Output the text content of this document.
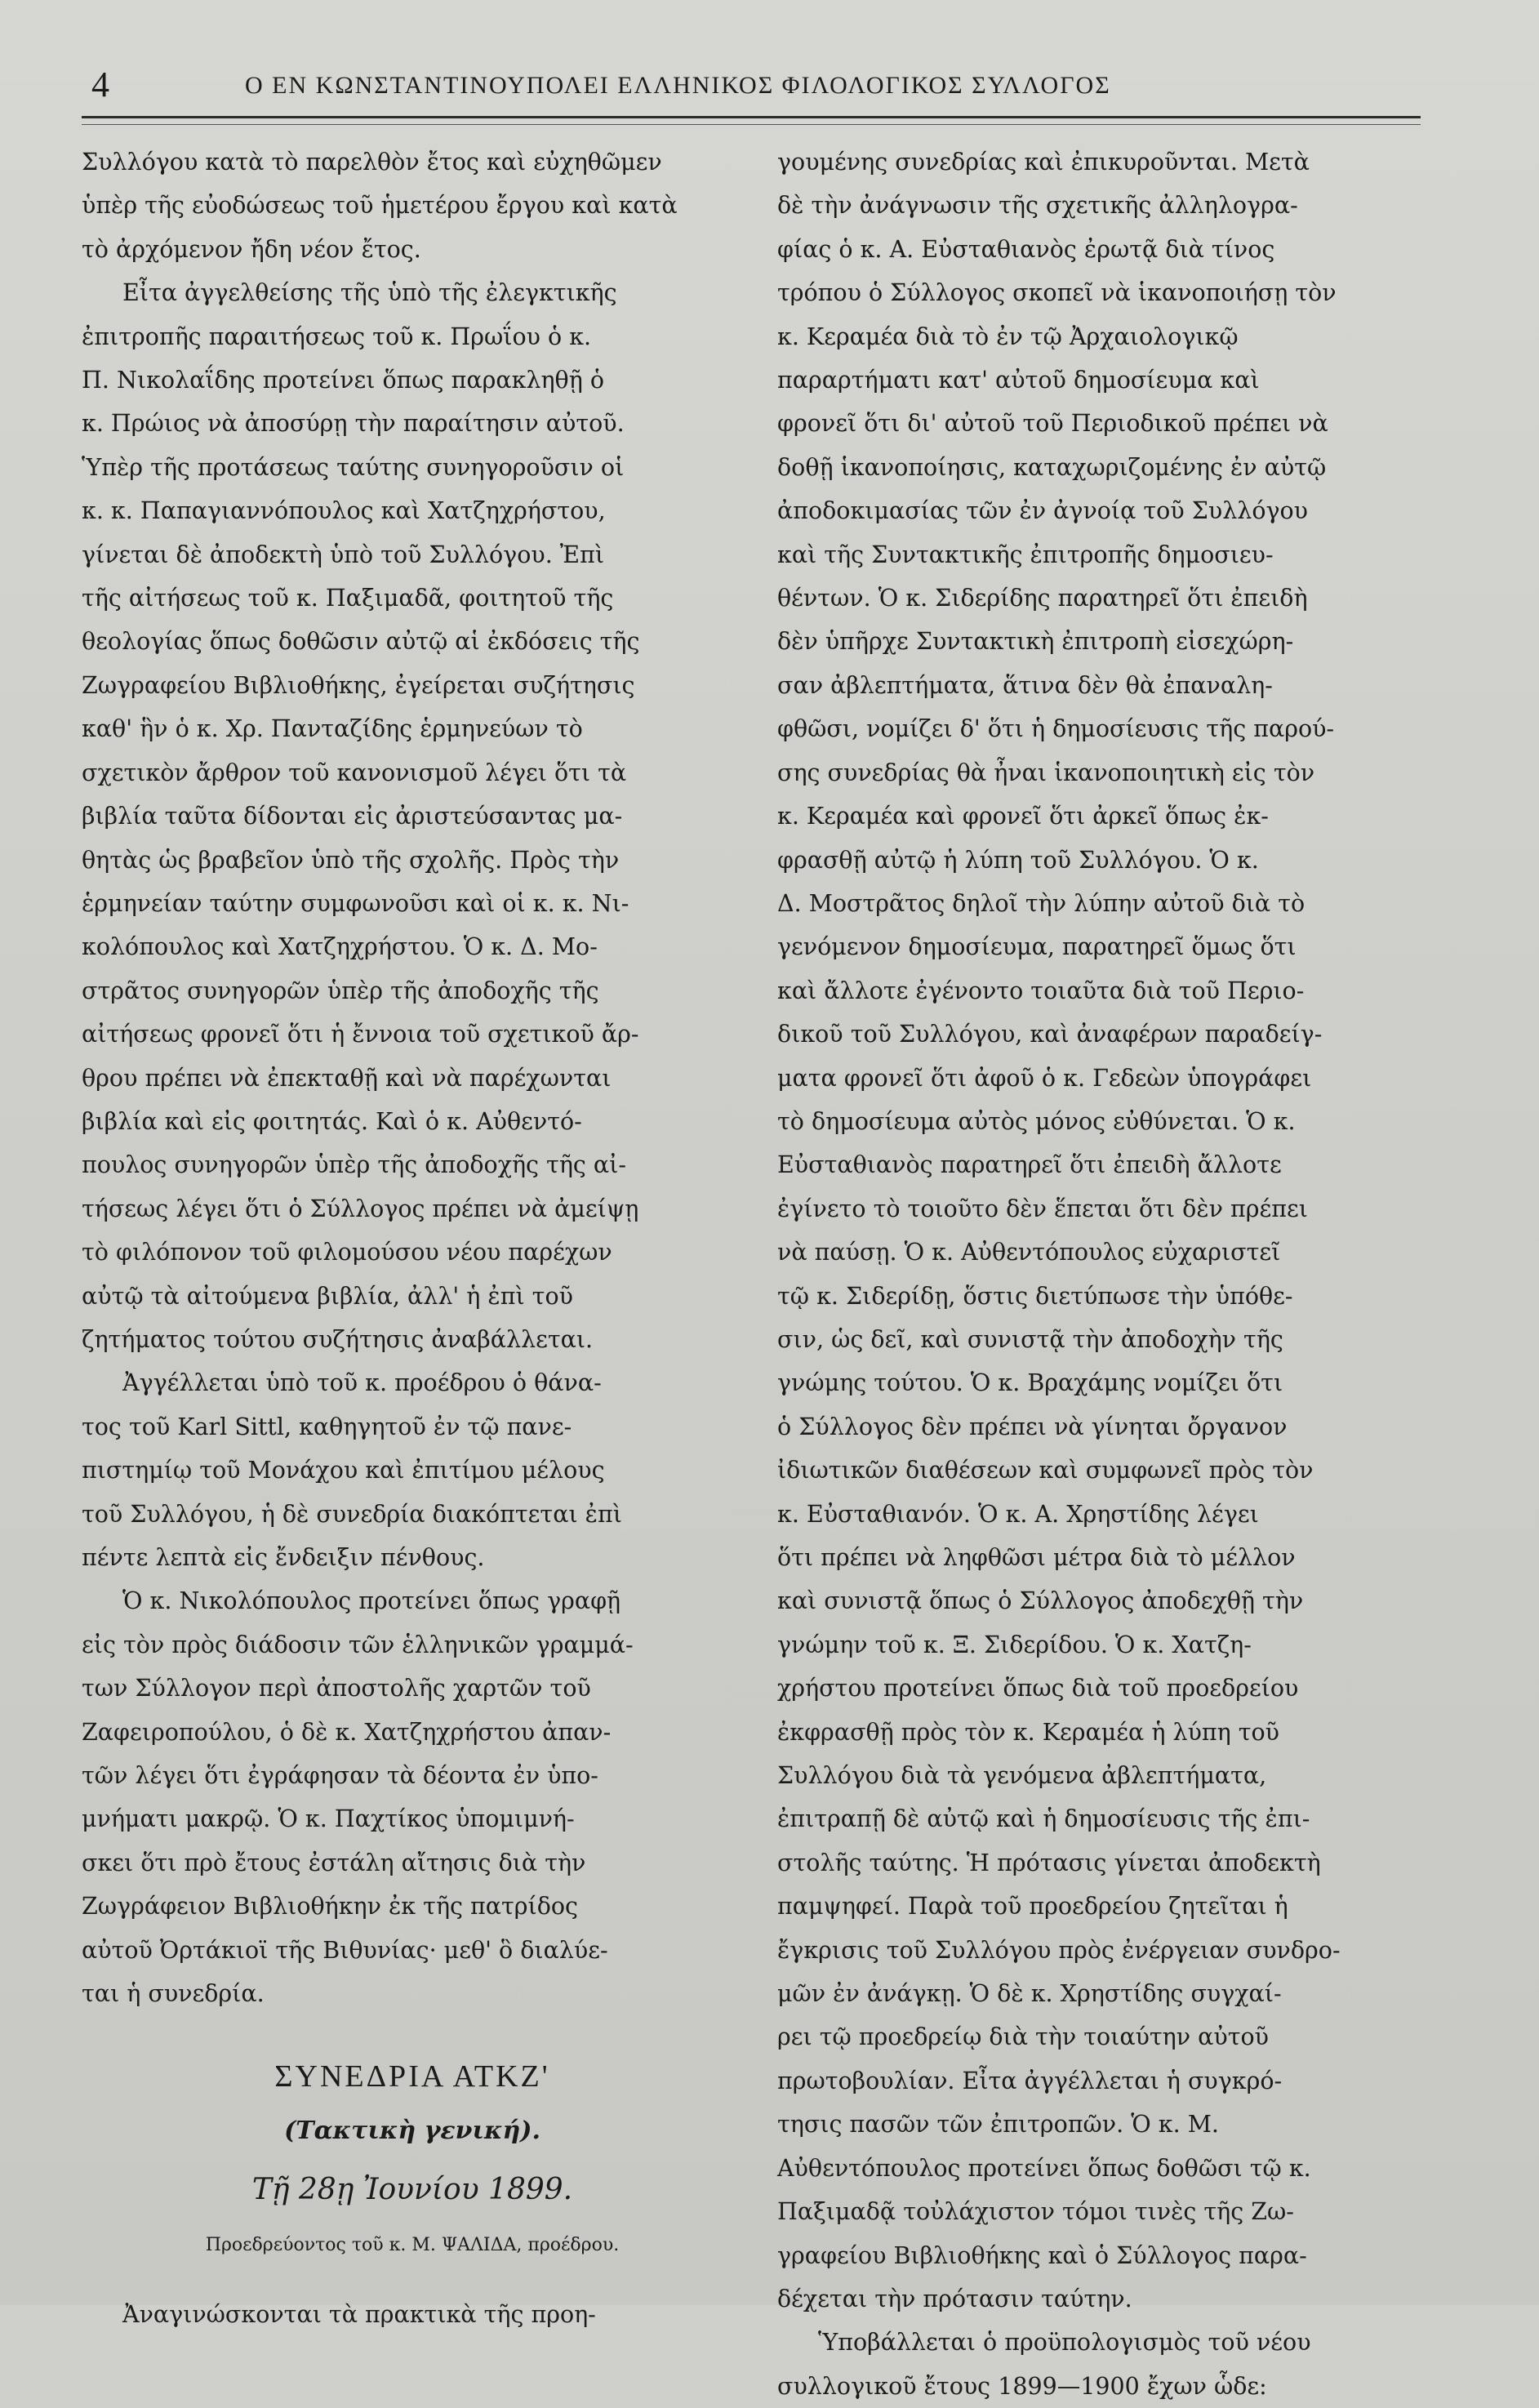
4	Ο ΕΝ ΚΩΝΣΤΑΝΤΙΝΟΥΠΟΛΕΙ ΕΛΛΗΝΙΚΟΣ ΦΙΛΟΛΟΓΙΚΟΣ ΣΥΛΛΟΓΟΣ

Συλλόγου κατὰ τὸ παρελθὸν ἔτος καὶ εὐχηθῶμεν
ὑπὲρ τῆς εὐοδώσεως τοῦ ἡμετέρου ἔργου καὶ κατὰ
τὸ ἀρχόμενον ἤδη νέον ἔτος.

Εἶτα ἀγγελθείσης τῆς ὑπὸ τῆς ἐλεγκτικῆς

ἐπιτροπῆς παραιτήσεως τοῦ κ. Πρωΐου ὁ κ.
Π. Νικολαΐδης προτείνει ὅπως παρακληθῇ ὁ
κ. Πρώιος νὰ ἀποσύρῃ τὴν παραίτησιν αὐτοῦ.
Ὑπὲρ τῆς προτάσεως ταύτης συνηγοροῦσιν οἱ
κ. κ. Παπαγιαννόπουλος καὶ Χατζηχρήστου,
γίνεται δὲ ἀποδεκτὴ ὑπὸ τοῦ Συλλόγου. Ἐπὶ
τῆς αἰτήσεως τοῦ κ. Παξιμαδᾶ, φοιτητοῦ τῆς
θεολογίας ὅπως δοθῶσιν αὐτῷ αἱ ἐκδόσεις τῆς
Ζωγραφείου Βιβλιοθήκης, ἐγείρεται συζήτησις
καθ' ἣν ὁ κ. Χρ. Πανταζίδης ἑρμηνεύων τὸ
σχετικὸν ἄρθρον τοῦ κανονισμοῦ λέγει ὅτι τὰ
βιβλία ταῦτα δίδονται εἰς ἀριστεύσαντας μα-
θητὰς ὡς βραβεῖον ὑπὸ τῆς σχολῆς. Πρὸς τὴν
ἑρμηνείαν ταύτην συμφωνοῦσι καὶ οἱ κ. κ. Νι-
κολόπουλος καὶ Χατζηχρήστου. Ὁ κ. Δ. Μο-
στρᾶτος συνηγορῶν ὑπὲρ τῆς ἀποδοχῆς τῆς
αἰτήσεως φρονεῖ ὅτι ἡ ἔννοια τοῦ σχετικοῦ ἄρ-
θρου πρέπει νὰ ἐπεκταθῇ καὶ νὰ παρέχωνται
βιβλία καὶ εἰς φοιτητάς. Καὶ ὁ κ. Αὐθεντό-
πουλος συνηγορῶν ὑπὲρ τῆς ἀποδοχῆς τῆς αἰ-
τήσεως λέγει ὅτι ὁ Σύλλογος πρέπει νὰ ἀμείψῃ
τὸ φιλόπονον τοῦ φιλομούσου νέου παρέχων
αὐτῷ τὰ αἰτούμενα βιβλία, ἀλλ' ἡ ἐπὶ τοῦ
ζητήματος τούτου συζήτησις ἀναβάλλεται.

Ἀγγέλλεται ὑπὸ τοῦ κ. προέδρου ὁ θάνα-
τος τοῦ Karl Sittl, καθηγητοῦ ἐν τῷ πανε-
πιστημίῳ τοῦ Μονάχου καὶ ἐπιτίμου μέλους
τοῦ Συλλόγου, ἡ δὲ συνεδρία διακόπτεται ἐπὶ
πέντε λεπτὰ εἰς ἔνδειξιν πένθους.

Ὁ κ. Νικολόπουλος προτείνει ὅπως γραφῇ
εἰς τὸν πρὸς διάδοσιν τῶν ἑλληνικῶν γραμμά-
των Σύλλογον περὶ ἀποστολῆς χαρτῶν τοῦ
Ζαφειροπούλου, ὁ δὲ κ. Χατζηχρήστου ἀπαν-
τῶν λέγει ὅτι ἐγράφησαν τὰ δέοντα ἐν ὑπο-
μνήματι μακρῷ. Ὁ κ. Παχτίκος ὑπομιμνή-
σκει ὅτι πρὸ ἔτους ἐστάλη αἴτησις διὰ τὴν
Ζωγράφειον Βιβλιοθήκην ἐκ τῆς πατρίδος
αὐτοῦ Ὀρτάκιοϊ τῆς Βιθυνίας· μεθ' ὃ διαλύε-
ται ἡ συνεδρία.

ΣΥΝΕΔΡΙΑ ΑΤΚΖ'
(Τακτικὴ γενική).
Τῇ 28ῃ Ἰουνίου 1899.
Προεδρεύοντος τοῦ κ. Μ. ΨΑΛΙΔΑ, προέδρου.

Ἀναγινώσκονται τὰ πρακτικὰ τῆς προη-

γουμένης συνεδρίας καὶ ἐπικυροῦνται. Μετὰ
δὲ τὴν ἀνάγνωσιν τῆς σχετικῆς ἀλληλογρα-
φίας ὁ κ. Α. Εὐσταθιανὸς ἐρωτᾷ διὰ τίνος
τρόπου ὁ Σύλλογος σκοπεῖ νὰ ἱκανοποιήσῃ τὸν
κ. Κεραμέα διὰ τὸ ἐν τῷ Ἀρχαιολογικῷ
παραρτήματι κατ' αὐτοῦ δημοσίευμα καὶ
φρονεῖ ὅτι δι' αὐτοῦ τοῦ Περιοδικοῦ πρέπει νὰ
δοθῇ ἱκανοποίησις, καταχωριζομένης ἐν αὐτῷ
ἀποδοκιμασίας τῶν ἐν ἀγνοίᾳ τοῦ Συλλόγου
καὶ τῆς Συντακτικῆς ἐπιτροπῆς δημοσιευ-
θέντων. Ὁ κ. Σιδερίδης παρατηρεῖ ὅτι ἐπειδὴ
δὲν ὑπῆρχε Συντακτικὴ ἐπιτροπὴ εἰσεχώρη-
σαν ἀβλεπτήματα, ἅτινα δὲν θὰ ἐπαναλη-
φθῶσι, νομίζει δ' ὅτι ἡ δημοσίευσις τῆς παρού-
σης συνεδρίας θὰ ἦναι ἱκανοποιητικὴ εἰς τὸν
κ. Κεραμέα καὶ φρονεῖ ὅτι ἀρκεῖ ὅπως ἐκ-
φρασθῇ αὐτῷ ἡ λύπη τοῦ Συλλόγου. Ὁ κ.
Δ. Μοστρᾶτος δηλοῖ τὴν λύπην αὐτοῦ διὰ τὸ
γενόμενον δημοσίευμα, παρατηρεῖ ὅμως ὅτι
καὶ ἄλλοτε ἐγένοντο τοιαῦτα διὰ τοῦ Περιο-
δικοῦ τοῦ Συλλόγου, καὶ ἀναφέρων παραδείγ-
ματα φρονεῖ ὅτι ἀφοῦ ὁ κ. Γεδεὼν ὑπογράφει
τὸ δημοσίευμα αὐτὸς μόνος εὐθύνεται. Ὁ κ.
Εὐσταθιανὸς παρατηρεῖ ὅτι ἐπειδὴ ἄλλοτε
ἐγίνετο τὸ τοιοῦτο δὲν ἕπεται ὅτι δὲν πρέπει
νὰ παύσῃ. Ὁ κ. Αὐθεντόπουλος εὐχαριστεῖ
τῷ κ. Σιδερίδῃ, ὅστις διετύπωσε τὴν ὑπόθε-
σιν, ὡς δεῖ, καὶ συνιστᾷ τὴν ἀποδοχὴν τῆς
γνώμης τούτου. Ὁ κ. Βραχάμης νομίζει ὅτι
ὁ Σύλλογος δὲν πρέπει νὰ γίνηται ὄργανον
ἰδιωτικῶν διαθέσεων καὶ συμφωνεῖ πρὸς τὸν
κ. Εὐσταθιανόν. Ὁ κ. Α. Χρηστίδης λέγει
ὅτι πρέπει νὰ ληφθῶσι μέτρα διὰ τὸ μέλλον
καὶ συνιστᾷ ὅπως ὁ Σύλλογος ἀποδεχθῇ τὴν
γνώμην τοῦ κ. Ξ. Σιδερίδου. Ὁ κ. Χατζη-
χρήστου προτείνει ὅπως διὰ τοῦ προεδρείου
ἐκφρασθῇ πρὸς τὸν κ. Κεραμέα ἡ λύπη τοῦ
Συλλόγου διὰ τὰ γενόμενα ἀβλεπτήματα,
ἐπιτραπῇ δὲ αὐτῷ καὶ ἡ δημοσίευσις τῆς ἐπι-
στολῆς ταύτης. Ἡ πρότασις γίνεται ἀποδεκτὴ
παμψηφεί. Παρὰ τοῦ προεδρείου ζητεῖται ἡ
ἔγκρισις τοῦ Συλλόγου πρὸς ἐνέργειαν συνδρο-
μῶν ἐν ἀνάγκῃ. Ὁ δὲ κ. Χρηστίδης συγχαί-
ρει τῷ προεδρείῳ διὰ τὴν τοιαύτην αὐτοῦ
πρωτοβουλίαν. Εἶτα ἀγγέλλεται ἡ συγκρό-
τησις πασῶν τῶν ἐπιτροπῶν. Ὁ κ. Μ.
Αὐθεντόπουλος προτείνει ὅπως δοθῶσι τῷ κ.
Παξιμαδᾷ τοὐλάχιστον τόμοι τινὲς τῆς Ζω-
γραφείου Βιβλιοθήκης καὶ ὁ Σύλλογος παρα-
δέχεται τὴν πρότασιν ταύτην.

Ὑποβάλλεται ὁ προϋπολογισμὸς τοῦ νέου
συλλογικοῦ ἔτους 1899—1900 ἔχων ὧδε:
